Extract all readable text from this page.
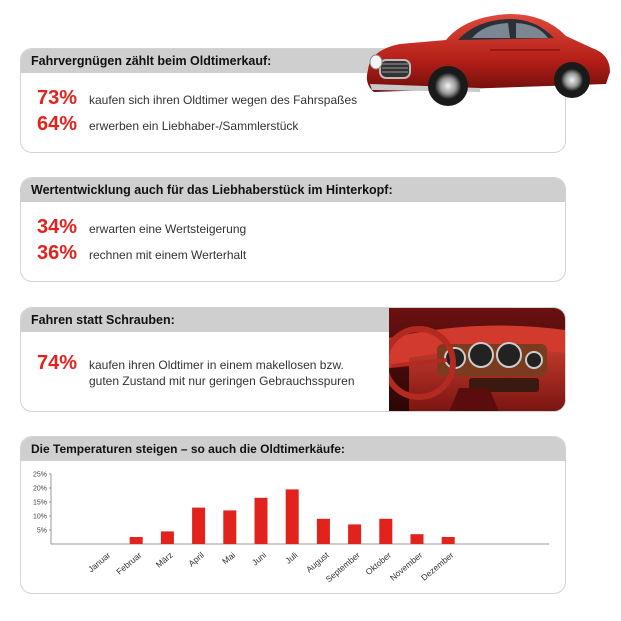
Fahrvergnügen zählt beim Oldtimerkauf:
73% kaufen sich ihren Oldtimer wegen des Fahrspaßes
64% erwerben ein Liebhaber-/Sammlerstück
Wertentwicklung auch für das Liebhaberstück im Hinterkopf:
34% erwarten eine Wertsteigerung
36% rechnen mit einem Werterhalt
Fahren statt Schrauben:
74% kaufen ihren Oldtimer in einem makellosen bzw.
guten Zustand mit nur geringen Gebrauchsspuren
Die Temperaturen steigen – so auch die Oldtimerkäufe:
5%
10%
15%
20%
25%
Januar Februar März April Mai Juni Juli August
September Oktober
November
Dezember
